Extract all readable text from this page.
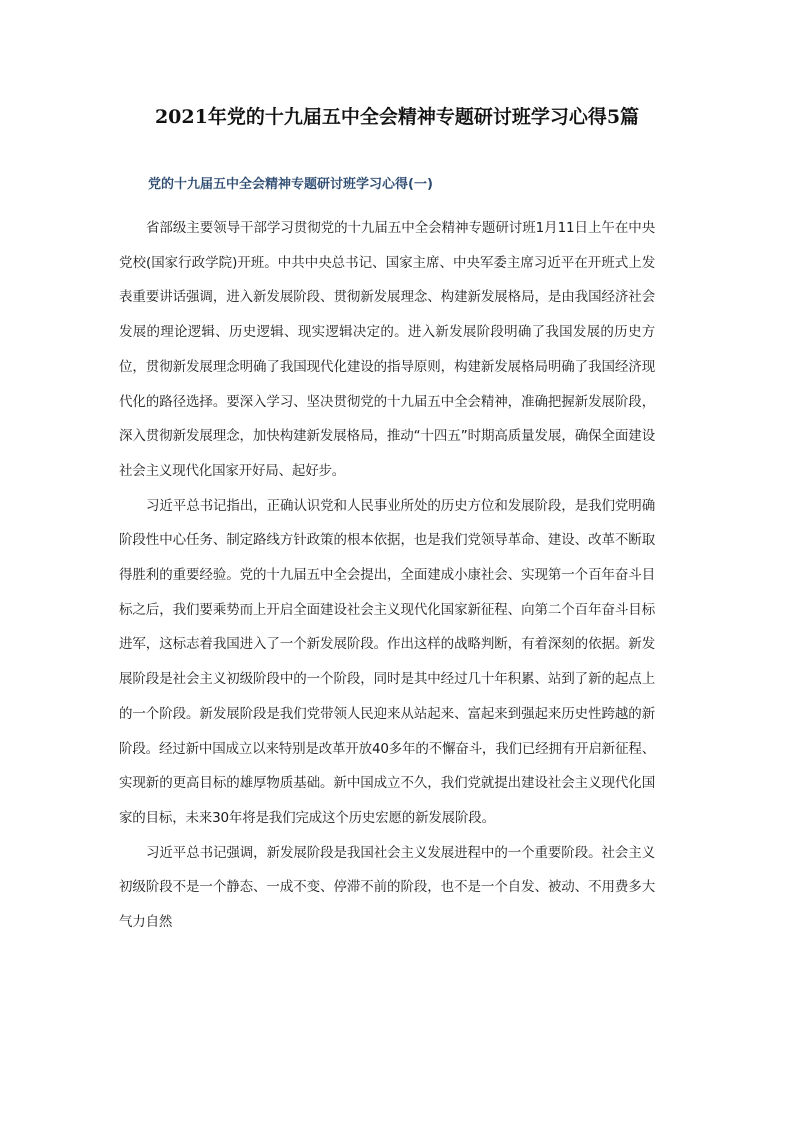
2021年党的十九届五中全会精神专题研讨班学习心得5篇
党的十九届五中全会精神专题研讨班学习心得(一)

省部级主要领导干部学习贯彻党的十九届五中全会精神专题研讨班1月11日上午在中央党校(国家行政学院)开班。中共中央总书记、国家主席、中央军委主席习近平在开班式上发表重要讲话强调，进入新发展阶段、贯彻新发展理念、构建新发展格局，是由我国经济社会发展的理论逻辑、历史逻辑、现实逻辑决定的。进入新发展阶段明确了我国发展的历史方位，贯彻新发展理念明确了我国现代化建设的指导原则，构建新发展格局明确了我国经济现代化的路径选择。要深入学习、坚决贯彻党的十九届五中全会精神，准确把握新发展阶段，深入贯彻新发展理念，加快构建新发展格局，推动“十四五”时期高质量发展，确保全面建设社会主义现代化国家开好局、起好步。

习近平总书记指出，正确认识党和人民事业所处的历史方位和发展阶段，是我们党明确阶段性中心任务、制定路线方针政策的根本依据，也是我们党领导革命、建设、改革不断取得胜利的重要经验。党的十九届五中全会提出，全面建成小康社会、实现第一个百年奋斗目标之后，我们要乘势而上开启全面建设社会主义现代化国家新征程、向第二个百年奋斗目标进军，这标志着我国进入了一个新发展阶段。作出这样的战略判断，有着深刻的依据。新发展阶段是社会主义初级阶段中的一个阶段，同时是其中经过几十年积累、站到了新的起点上的一个阶段。新发展阶段是我们党带领人民迎来从站起来、富起来到强起来历史性跨越的新阶段。经过新中国成立以来特别是改革开放40多年的不懈奋斗，我们已经拥有开启新征程、实现新的更高目标的雄厚物质基础。新中国成立不久，我们党就提出建设社会主义现代化国家的目标，未来30年将是我们完成这个历史宏愿的新发展阶段。

习近平总书记强调，新发展阶段是我国社会主义发展进程中的一个重要阶段。社会主义初级阶段不是一个静态、一成不变、停滞不前的阶段，也不是一个自发、被动、不用费多大气力自然
